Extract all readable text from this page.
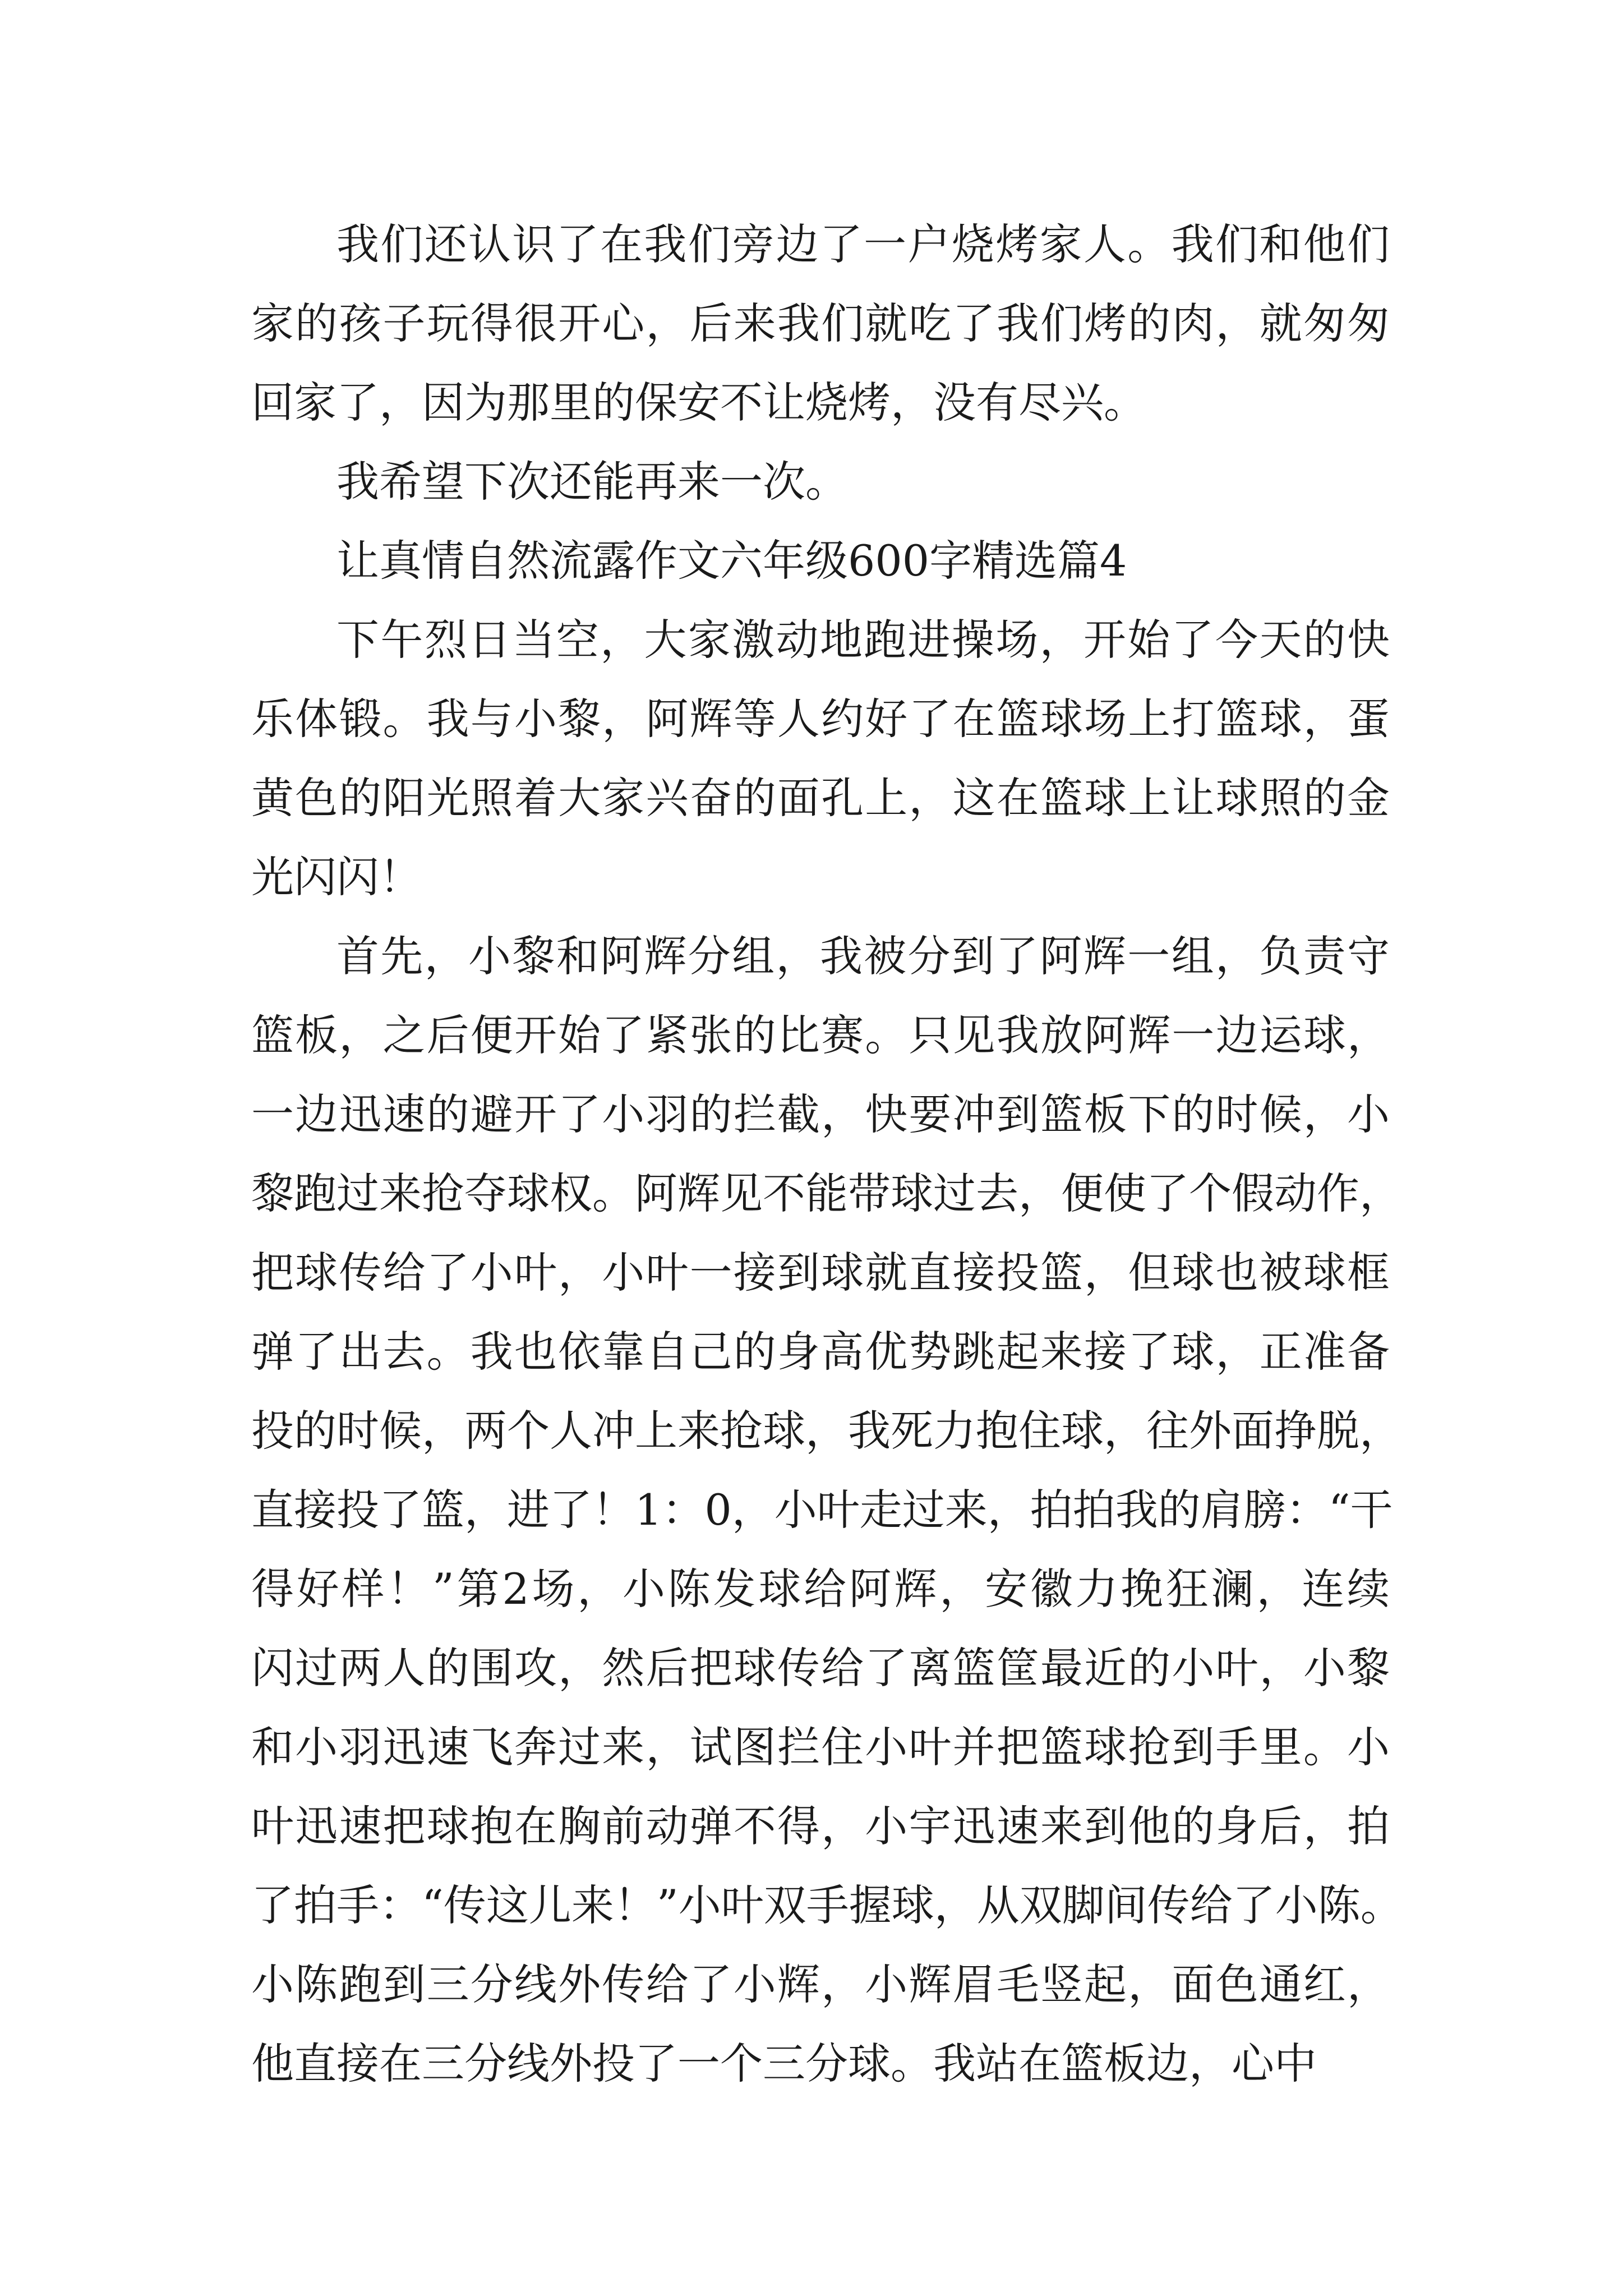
我们还认识了在我们旁边了一户烧烤家人。我们和他们
家的孩子玩得很开心，后来我们就吃了我们烤的肉，就匆匆
回家了，因为那里的保安不让烧烤，没有尽兴。
我希望下次还能再来一次。
让真情自然流露作文六年级600字精选篇4
下午烈日当空，大家激动地跑进操场，开始了今天的快
乐体锻。我与小黎，阿辉等人约好了在篮球场上打篮球，蛋
黄色的阳光照着大家兴奋的面孔上，这在篮球上让球照的金
光闪闪！
首先，小黎和阿辉分组，我被分到了阿辉一组，负责守
篮板，之后便开始了紧张的比赛。只见我放阿辉一边运球，
一边迅速的避开了小羽的拦截，快要冲到篮板下的时候，小
黎跑过来抢夺球权。阿辉见不能带球过去，便使了个假动作，
把球传给了小叶，小叶一接到球就直接投篮，但球也被球框
弹了出去。我也依靠自己的身高优势跳起来接了球，正准备
投的时候，两个人冲上来抢球，我死力抱住球，往外面挣脱，
直接投了篮，进了！1：0，小叶走过来，拍拍我的肩膀：“干
得好样！”第2场，小陈发球给阿辉，安徽力挽狂澜，连续
闪过两人的围攻，然后把球传给了离篮筐最近的小叶，小黎
和小羽迅速飞奔过来，试图拦住小叶并把篮球抢到手里。小
叶迅速把球抱在胸前动弹不得，小宇迅速来到他的身后，拍
了拍手：“传这儿来！”小叶双手握球，从双脚间传给了小陈。
小陈跑到三分线外传给了小辉，小辉眉毛竖起，面色通红，
他直接在三分线外投了一个三分球。我站在篮板边，心中
